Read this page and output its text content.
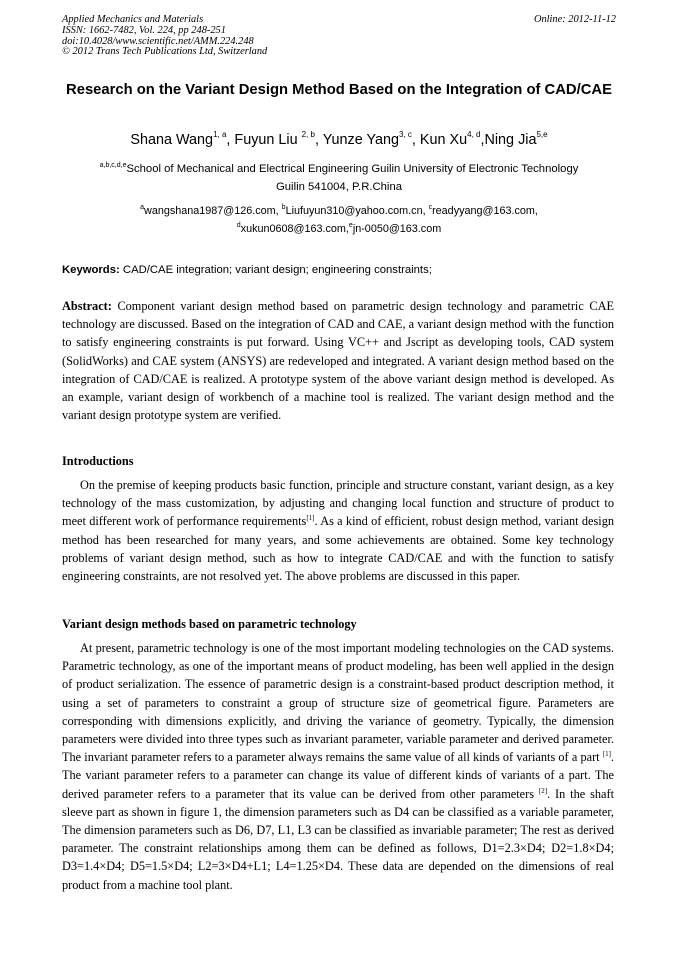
Applied Mechanics and Materials
ISSN: 1662-7482, Vol. 224, pp 248-251
doi:10.4028/www.scientific.net/AMM.224.248
© 2012 Trans Tech Publications Ltd, Switzerland
Online: 2012-11-12
Research on the Variant Design Method Based on the Integration of CAD/CAE
Shana Wang$^{1, a}$, Fuyun Liu $^{2, b}$, Yunze Yang$^{3, c}$, Kun Xu$^{4, d}$,Ning Jia$^{5,e}$
$^{a,b,c,d,e}$School of Mechanical and Electrical Engineering Guilin University of Electronic Technology
Guilin 541004, P.R.China
$^a$wangshana1987@126.com, $^b$Liufuyun310@yahoo.com.cn, $^c$readyyang@163.com,
$^d$xukun0608@163.com,$^e$jn-0050@163.com
Keywords: CAD/CAE integration; variant design; engineering constraints;
Abstract: Component variant design method based on parametric design technology and parametric CAE technology are discussed. Based on the integration of CAD and CAE, a variant design method with the function to satisfy engineering constraints is put forward. Using VC++ and Jscript as developing tools, CAD system (SolidWorks) and CAE system (ANSYS) are redeveloped and integrated. A variant design method based on the integration of CAD/CAE is realized. A prototype system of the above variant design method is developed. As an example, variant design of workbench of a machine tool is realized. The variant design method and the variant design prototype system are verified.
Introductions
On the premise of keeping products basic function, principle and structure constant, variant design, as a key technology of the mass customization, by adjusting and changing local function and structure of product to meet different work of performance requirements[1]. As a kind of efficient, robust design method, variant design method has been researched for many years, and some achievements are obtained. Some key technology problems of variant design method, such as how to integrate CAD/CAE and with the function to satisfy engineering constraints, are not resolved yet. The above problems are discussed in this paper.
Variant design methods based on parametric technology
At present, parametric technology is one of the most important modeling technologies on the CAD systems. Parametric technology, as one of the important means of product modeling, has been well applied in the design of product serialization. The essence of parametric design is a constraint-based product description method, it using a set of parameters to constraint a group of structure size of geometrical figure. Parameters are corresponding with dimensions explicitly, and driving the variance of geometry. Typically, the dimension parameters were divided into three types such as invariant parameter, variable parameter and derived parameter. The invariant parameter refers to a parameter always remains the same value of all kinds of variants of a part [1]. The variant parameter refers to a parameter can change its value of different kinds of variants of a part. The derived parameter refers to a parameter that its value can be derived from other parameters [2]. In the shaft sleeve part as shown in figure 1, the dimension parameters such as D4 can be classified as a variable parameter, The dimension parameters such as D6, D7, L1, L3 can be classified as invariable parameter; The rest as derived parameter. The constraint relationships among them can be defined as follows, D1=2.3×D4; D2=1.8×D4; D3=1.4×D4; D5=1.5×D4; L2=3×D4+L1; L4=1.25×D4. These data are depended on the dimensions of real product from a machine tool plant.
